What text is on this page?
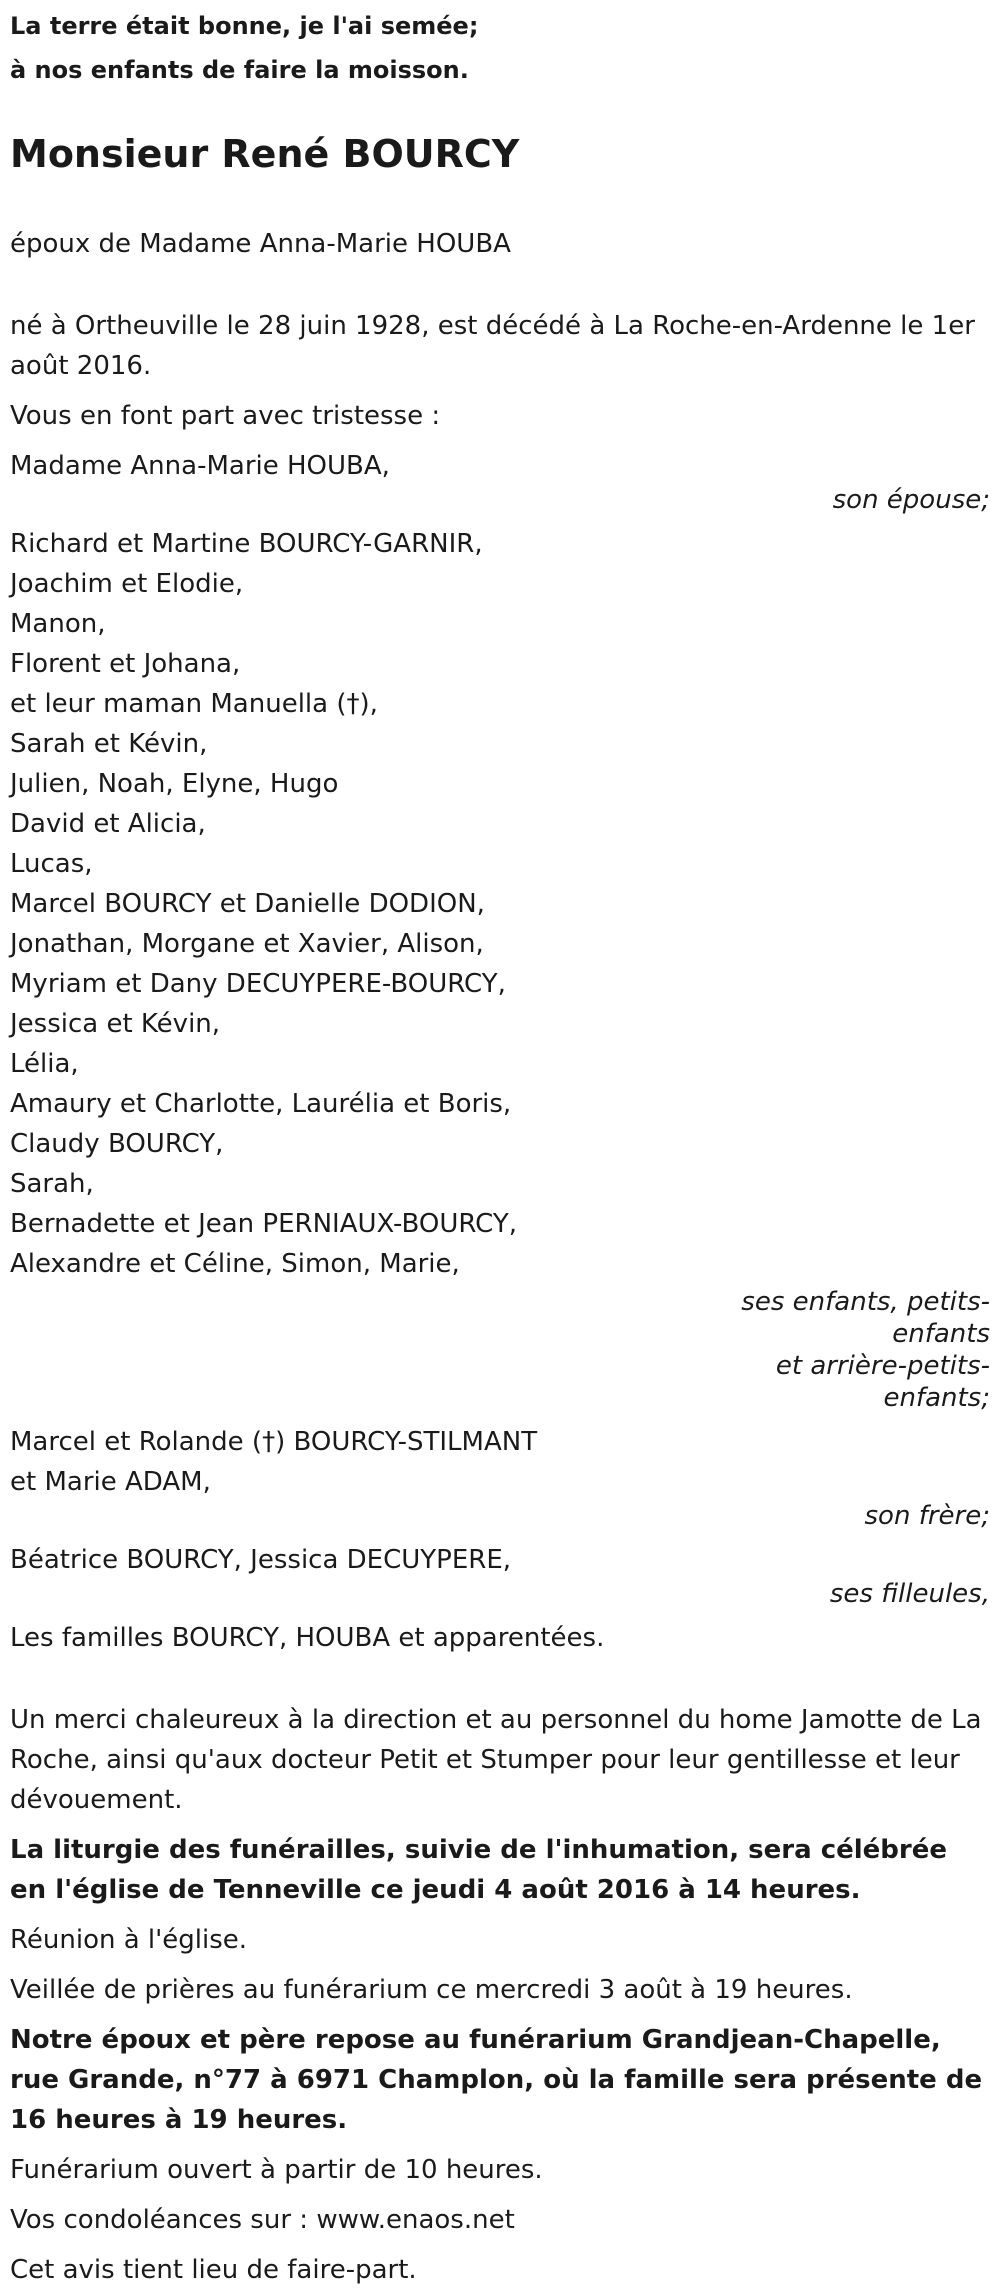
La terre était bonne, je l'ai semée;

à nos enfants de faire la moisson.

Monsieur René BOURCY

époux de Madame Anna-Marie HOUBA

né à Ortheuville le 28 juin 1928, est décédé à La Roche-en-Ardenne le 1er août 2016.

Vous en font part avec tristesse :

Madame Anna-Marie HOUBA,

son épouse;

Richard et Martine BOURCY-GARNIR,

Joachim et Elodie,

Manon,

Florent et Johana,

et leur maman Manuella (†),

Sarah et Kévin,

Julien, Noah, Elyne, Hugo

David et Alicia,

Lucas,

Marcel BOURCY et Danielle DODION,

Jonathan, Morgane et Xavier, Alison,

Myriam et Dany DECUYPERE-BOURCY,

Jessica et Kévin,

Lélia,

Amaury et Charlotte, Laurélia et Boris,

Claudy BOURCY,

Sarah,

Bernadette et Jean PERNIAUX-BOURCY,

Alexandre et Céline, Simon, Marie,

ses enfants, petits-

enfants

et arrière-petits-

enfants;

Marcel et Rolande (†) BOURCY-STILMANT

et Marie ADAM,

son frère;

Béatrice BOURCY, Jessica DECUYPERE,

ses filleules,

Les familles BOURCY, HOUBA et apparentées.

Un merci chaleureux à la direction et au personnel du home Jamotte de La Roche, ainsi qu'aux docteur Petit et Stumper pour leur gentillesse et leur dévouement.

La liturgie des funérailles, suivie de l'inhumation, sera célébrée en l'église de Tenneville ce jeudi 4 août 2016 à 14 heures.

Réunion à l'église.

Veillée de prières au funérarium ce mercredi 3 août à 19 heures.

Notre époux et père repose au funérarium Grandjean-Chapelle, rue Grande, n°77 à 6971 Champlon, où la famille sera présente de 16 heures à 19 heures.

Funérarium ouvert à partir de 10 heures.

Vos condoléances sur : www.enaos.net

Cet avis tient lieu de faire-part.
